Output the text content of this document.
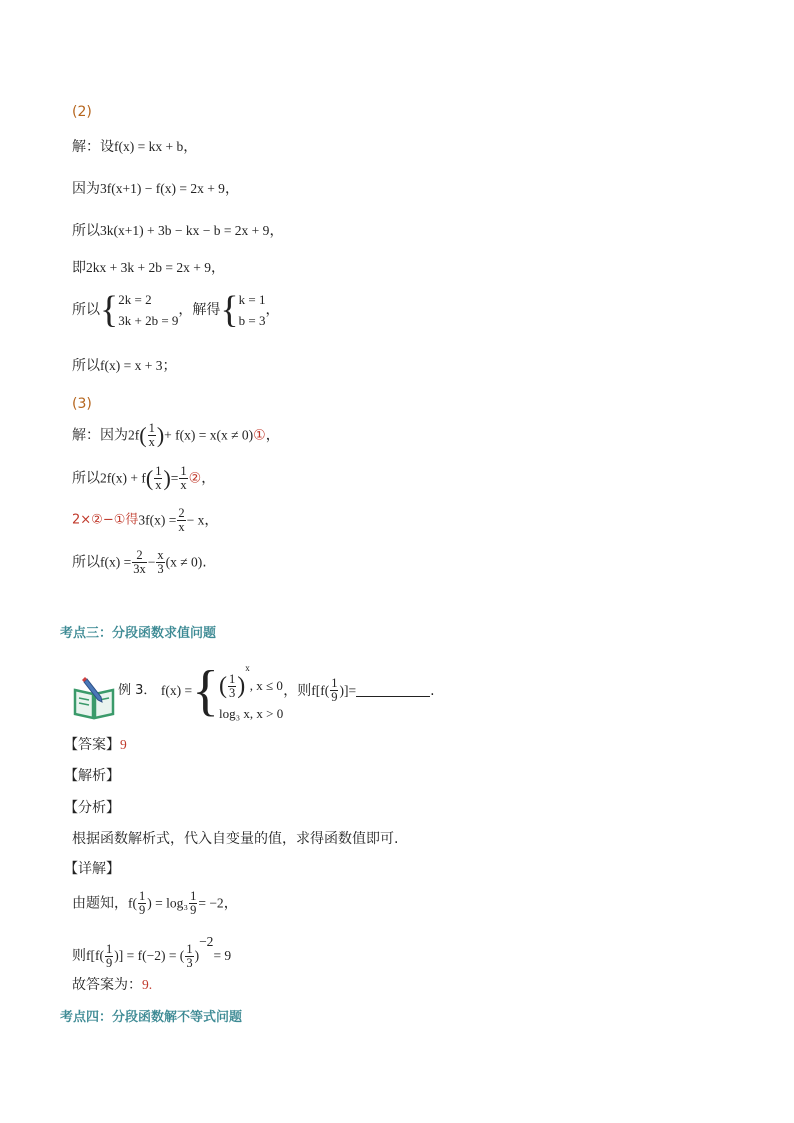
(2)
解：设f(x) = kx + b，
因为3f(x+1) − f(x) = 2x + 9，
所以3k(x+1) + 3b − kx − b = 2x + 9，
即2kx + 3k + 2b = 2x + 9，
所以{ 2k = 2
3k + 2b = 9
，解得{ k = 1
b = 3
，
所以f(x) = x + 3；
(3)
解：因为$2f( \frac{1}{x}$ )+ f(x) = x(x ≠ 0)①，
所以$2f(x) + f( \frac{1}{x}$ )= $\frac{1}{x}$ ②，
2×②−①得$3f(x) = \frac{2}{x} - x$，
所以$f(x) = \frac{2}{3x} - \frac{x}{3} (x \ne 0)$.
考点三：分段函数求值问题
例 3． f(x) ={ ( $\frac{1}{3} )^x$, x ≤ 0
log₃ x, x > 0
，则$f[f( \frac{1}{9}$ )]=	.
【答案】9
【解析】
【分析】
根据函数解析式，代入自变量的值，求得函数值即可.
【详解】
由题知，$f( \frac{1}{9}$ ) = $\log_3 \frac{1}{9} = -2$，
则$f[f( \frac{1}{9}$ )] = f(−2) = ( $\frac{1}{3} )^{-2}= 9$
故答案为：9.
考点四：分段函数解不等式问题
